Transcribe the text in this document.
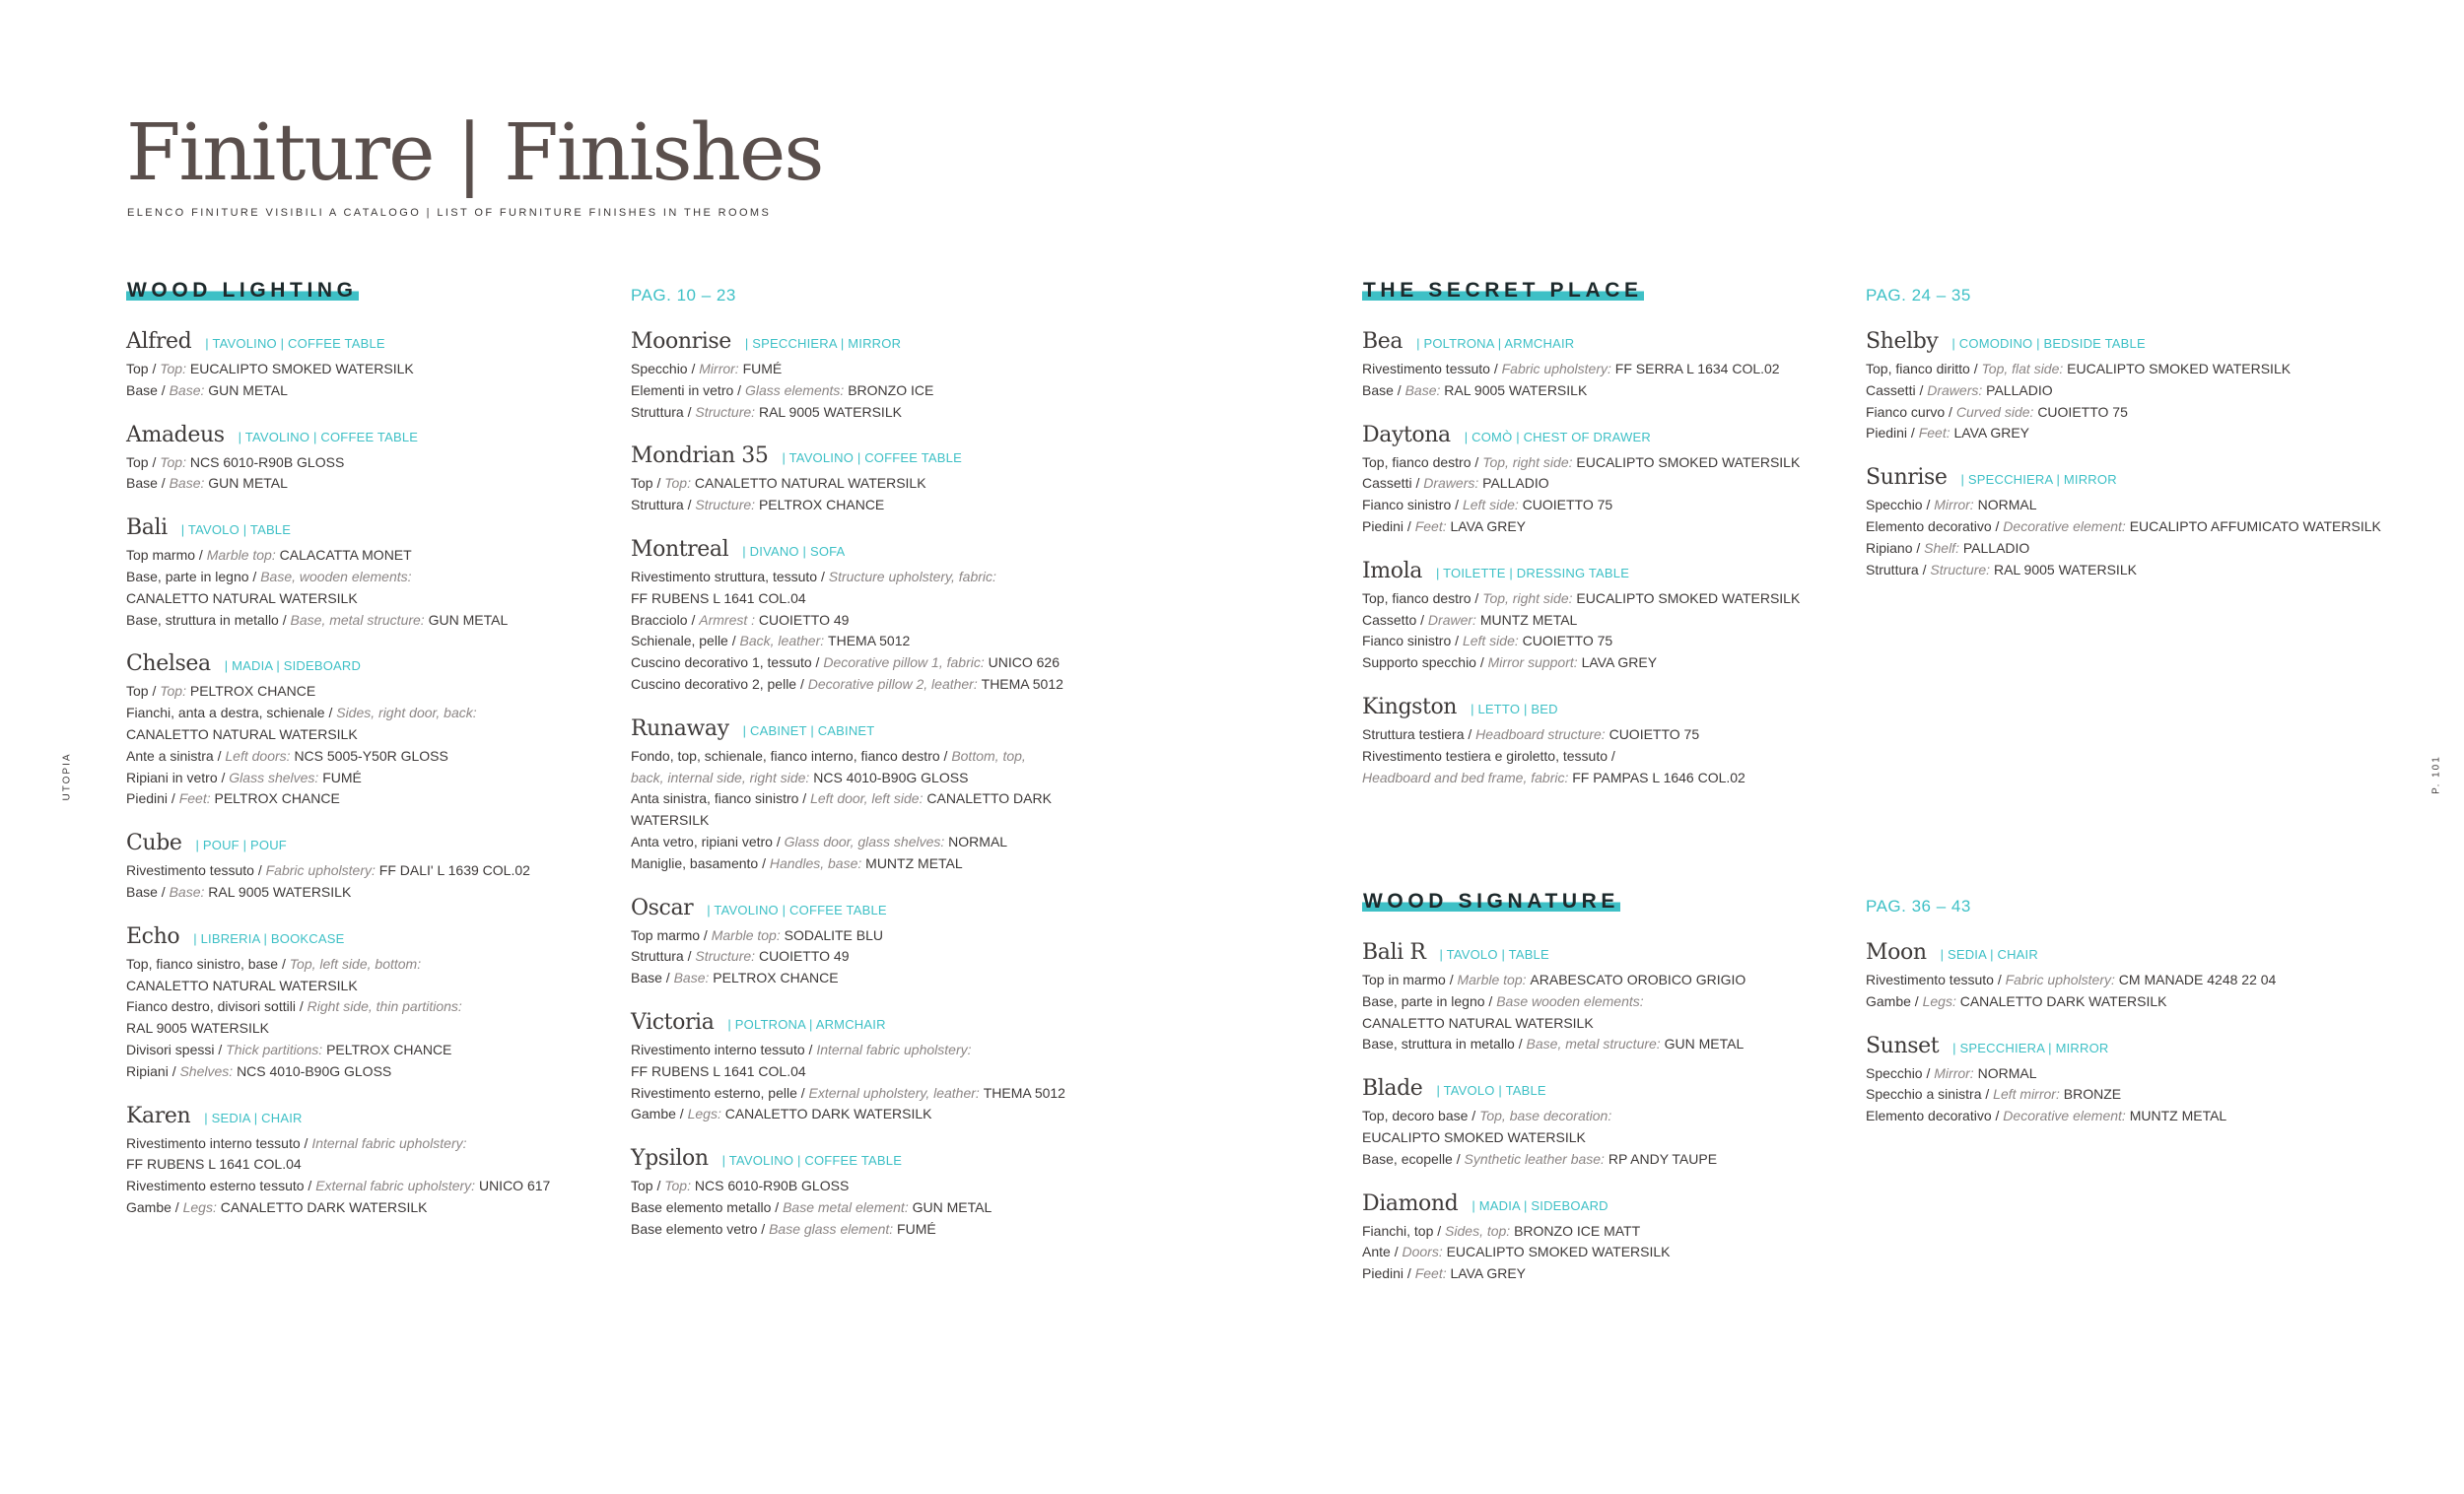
Finiture | Finishes
ELENCO FINITURE VISIBILI A CATALOGO | LIST OF FURNITURE FINISHES IN THE ROOMS
UTOPIA	P. 101
WOOD LIGHTING	PAG. 10 – 23
Alfred | TAVOLINO | COFFEE TABLE
Top / Top: EUCALIPTO SMOKED WATERSILK
Base / Base: GUN METAL
Amadeus | TAVOLINO | COFFEE TABLE
Top / Top: NCS 6010-R90B GLOSS
Base / Base: GUN METAL
Bali | TAVOLO | TABLE
Top marmo / Marble top: CALACATTA MONET
Base, parte in legno / Base, wooden elements:
CANALETTO NATURAL WATERSILK
Base, struttura in metallo / Base, metal structure: GUN METAL
Chelsea | MADIA | SIDEBOARD
Top / Top: PELTROX CHANCE
Fianchi, anta a destra, schienale / Sides, right door, back:
CANALETTO NATURAL WATERSILK
Ante a sinistra / Left doors: NCS 5005-Y50R GLOSS
Ripiani in vetro / Glass shelves: FUMÉ
Piedini / Feet: PELTROX CHANCE
Cube | POUF | POUF
Rivestimento tessuto / Fabric upholstery: FF DALI' L 1639 COL.02
Base / Base: RAL 9005 WATERSILK
Echo | LIBRERIA | BOOKCASE
Top, fianco sinistro, base / Top, left side, bottom:
CANALETTO NATURAL WATERSILK
Fianco destro, divisori sottili / Right side, thin partitions:
RAL 9005 WATERSILK
Divisori spessi / Thick partitions: PELTROX CHANCE
Ripiani / Shelves: NCS 4010-B90G GLOSS
Karen | SEDIA | CHAIR
Rivestimento interno tessuto / Internal fabric upholstery:
FF RUBENS L 1641 COL.04
Rivestimento esterno tessuto / External fabric upholstery: UNICO 617
Gambe / Legs: CANALETTO DARK WATERSILK
Moonrise | SPECCHIERA | MIRROR
Specchio / Mirror: FUMÉ
Elementi in vetro / Glass elements: BRONZO ICE
Struttura / Structure: RAL 9005 WATERSILK
Mondrian 35 | TAVOLINO | COFFEE TABLE
Top / Top: CANALETTO NATURAL WATERSILK
Struttura / Structure: PELTROX CHANCE
Montreal | DIVANO | SOFA
Rivestimento struttura, tessuto / Structure upholstery, fabric:
FF RUBENS L 1641 COL.04
Bracciolo / Armrest : CUOIETTO 49
Schienale, pelle / Back, leather: THEMA 5012
Cuscino decorativo 1, tessuto / Decorative pillow 1, fabric: UNICO 626
Cuscino decorativo 2, pelle / Decorative pillow 2, leather: THEMA 5012
Runaway | CABINET | CABINET
Fondo, top, schienale, fianco interno, fianco destro / Bottom, top,
back, internal side, right side: NCS 4010-B90G GLOSS
Anta sinistra, fianco sinistro / Left door, left side: CANALETTO DARK
WATERSILK
Anta vetro, ripiani vetro / Glass door, glass shelves: NORMAL
Maniglie, basamento / Handles, base: MUNTZ METAL
Oscar | TAVOLINO | COFFEE TABLE
Top marmo / Marble top: SODALITE BLU
Struttura / Structure: CUOIETTO 49
Base / Base: PELTROX CHANCE
Victoria | POLTRONA | ARMCHAIR
Rivestimento interno tessuto / Internal fabric upholstery:
FF RUBENS L 1641 COL.04
Rivestimento esterno, pelle / External upholstery, leather: THEMA 5012
Gambe / Legs: CANALETTO DARK WATERSILK
Ypsilon | TAVOLINO | COFFEE TABLE
Top / Top: NCS 6010-R90B GLOSS
Base elemento metallo / Base metal element: GUN METAL
Base elemento vetro / Base glass element: FUMÉ
THE SECRET PLACE	PAG. 24 – 35
Bea | POLTRONA | ARMCHAIR
Rivestimento tessuto / Fabric upholstery: FF SERRA L 1634 COL.02
Base / Base: RAL 9005 WATERSILK
Daytona | COMÒ | CHEST OF DRAWER
Top, fianco destro / Top, right side: EUCALIPTO SMOKED WATERSILK
Cassetti / Drawers: PALLADIO
Fianco sinistro / Left side: CUOIETTO 75
Piedini / Feet: LAVA GREY
Imola | TOILETTE | DRESSING TABLE
Top, fianco destro / Top, right side: EUCALIPTO SMOKED WATERSILK
Cassetto / Drawer: MUNTZ METAL
Fianco sinistro / Left side: CUOIETTO 75
Supporto specchio / Mirror support: LAVA GREY
Kingston | LETTO | BED
Struttura testiera / Headboard structure: CUOIETTO 75
Rivestimento testiera e giroletto, tessuto /
Headboard and bed frame, fabric: FF PAMPAS L 1646 COL.02
Shelby | COMODINO | BEDSIDE TABLE
Top, fianco diritto / Top, flat side: EUCALIPTO SMOKED WATERSILK
Cassetti / Drawers: PALLADIO
Fianco curvo / Curved side: CUOIETTO 75
Piedini / Feet: LAVA GREY
Sunrise | SPECCHIERA | MIRROR
Specchio / Mirror: NORMAL
Elemento decorativo / Decorative element: EUCALIPTO AFFUMICATO WATERSILK
Ripiano / Shelf: PALLADIO
Struttura / Structure: RAL 9005 WATERSILK
WOOD SIGNATURE	PAG. 36 – 43
Bali R | TAVOLO | TABLE
Top in marmo / Marble top: ARABESCATO OROBICO GRIGIO
Base, parte in legno / Base wooden elements:
CANALETTO NATURAL WATERSILK
Base, struttura in metallo / Base, metal structure: GUN METAL
Blade | TAVOLO | TABLE
Top, decoro base / Top, base decoration:
EUCALIPTO SMOKED WATERSILK
Base, ecopelle / Synthetic leather base: RP ANDY TAUPE
Diamond | MADIA | SIDEBOARD
Fianchi, top / Sides, top: BRONZO ICE MATT
Ante / Doors: EUCALIPTO SMOKED WATERSILK
Piedini / Feet: LAVA GREY
Moon | SEDIA | CHAIR
Rivestimento tessuto / Fabric upholstery: CM MANADE 4248 22 04
Gambe / Legs: CANALETTO DARK WATERSILK
Sunset | SPECCHIERA | MIRROR
Specchio / Mirror: NORMAL
Specchio a sinistra / Left mirror: BRONZE
Elemento decorativo / Decorative element: MUNTZ METAL
